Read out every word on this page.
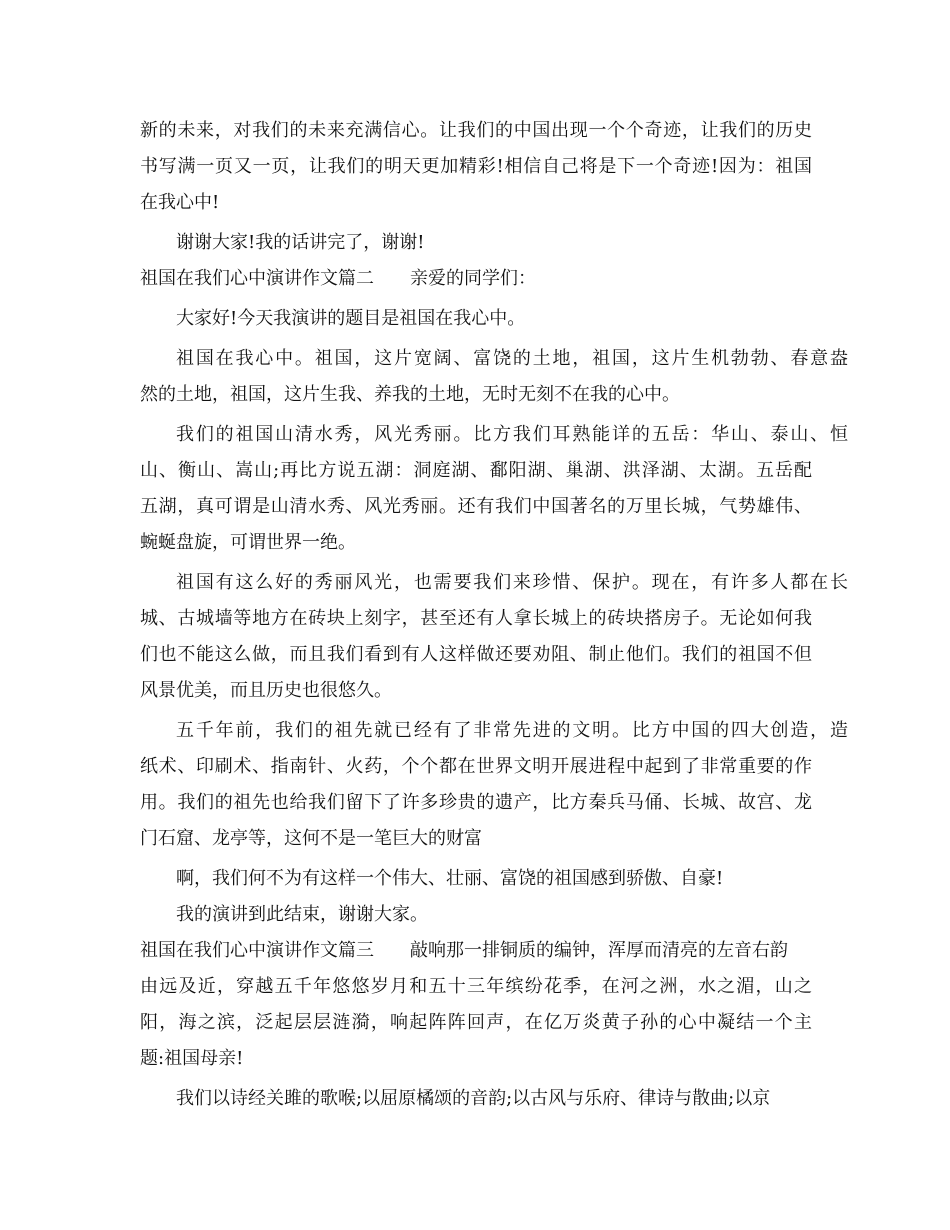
新的未来，对我们的未来充满信心。让我们的中国出现一个个奇迹，让我们的历史
书写满一页又一页，让我们的明天更加精彩!相信自己将是下一个奇迹!因为：祖国
在我心中!
谢谢大家!我的话讲完了，谢谢!
祖国在我们心中演讲作文篇二 亲爱的同学们：
大家好!今天我演讲的题目是祖国在我心中。
祖国在我心中。祖国，这片宽阔、富饶的土地，祖国，这片生机勃勃、春意盎
然的土地，祖国，这片生我、养我的土地，无时无刻不在我的心中。
我们的祖国山清水秀，风光秀丽。比方我们耳熟能详的五岳：华山、泰山、恒
山、衡山、嵩山;再比方说五湖：洞庭湖、鄱阳湖、巢湖、洪泽湖、太湖。五岳配
五湖，真可谓是山清水秀、风光秀丽。还有我们中国著名的万里长城，气势雄伟、
蜿蜒盘旋，可谓世界一绝。
祖国有这么好的秀丽风光，也需要我们来珍惜、保护。现在，有许多人都在长
城、古城墙等地方在砖块上刻字，甚至还有人拿长城上的砖块搭房子。无论如何我
们也不能这么做，而且我们看到有人这样做还要劝阻、制止他们。我们的祖国不但
风景优美，而且历史也很悠久。
五千年前，我们的祖先就已经有了非常先进的文明。比方中国的四大创造，造
纸术、印刷术、指南针、火药，个个都在世界文明开展进程中起到了非常重要的作
用。我们的祖先也给我们留下了许多珍贵的遗产，比方秦兵马俑、长城、故宫、龙
门石窟、龙亭等，这何不是一笔巨大的财富
啊，我们何不为有这样一个伟大、壮丽、富饶的祖国感到骄傲、自豪!
我的演讲到此结束，谢谢大家。
祖国在我们心中演讲作文篇三 敲响那一排铜质的编钟，浑厚而清亮的左音右韵
由远及近，穿越五千年悠悠岁月和五十三年缤纷花季，在河之洲，水之湄，山之
阳，海之滨，泛起层层涟漪，响起阵阵回声，在亿万炎黄子孙的心中凝结一个主
题:祖国母亲!
我们以诗经关雎的歌喉;以屈原橘颂的音韵;以古风与乐府、律诗与散曲;以京
